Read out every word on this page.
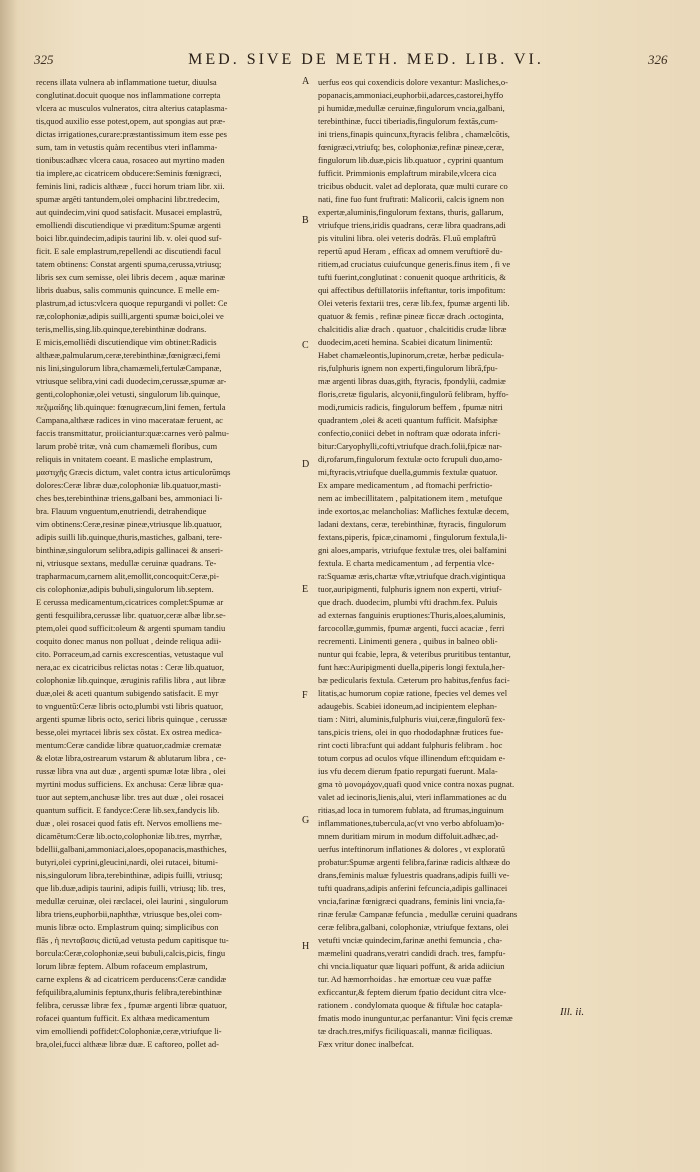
325	MED. SIVE DE METH. MED. LIB. VI.	326
recens illata vulnera ab inflammatione tuetur, diuulsa
conglutinat.docuit quoque nos inflammatione correpta
vlcera ac musculos vulneratos, citra alterius cataplasma-
tis,quod auxilio esse potest,opem, aut spongias aut præ-
dictas irrigationes,curare:præstantissimum item esse pes
sum, tam in vetustis quàm recentibus vteri inflamma-
tionibus:adhæc vlcera caua, rosaceo aut myrtino maden
tia implere,ac cicatricem obducere:Seminis fœnigræci,
feminis lini, radicis althææ , fucci horum triam libr. xii.
spumæ argēti tantundem,olei omphacini libr.tredecim,
aut quindecim,vini quod satisfacit. Musacei emplastrū,
emolliendi discutiendique vi præditum:Spumæ argenti
boici libr.quindecim,adipis taurini lib. v. olei quod suf-
ficit. E sale emplastrum,repellendi ac discutiendi facul
tatem obtinens: Constat argenti spuma,cerussa,vtriusq;
libris sex cum semisse, olei libris decem , aquæ marinæ
libris duabus, salis communis quincunce. E melle em-
plastrum,ad ictus:vlcera quoque repurgandi vi pollet: Ce
ræ,colophoniæ,adipis suilli,argenti spumæ boici,olei ve
teris,mellis,sing.lib.quinque,terebinthinæ dodrans.
E micis,emolliēdi discutiendique vim obtinet:Radicis
althææ,palmularum,ceræ,terebinthinæ,fœnigræci,femi
nis lini,singulorum libra,chamæmeli,fertulæCampanæ,
vtriusque selibra,vini cadi duodecim,cerussæ,spumæ ar-
genti,colophoniæ,olei vetusti, singulorum lib.quinque,
πεζιμαίδης lib.quinque: fœnugræcum,lini femen, fertula
Campana,althææ radices in vino macerataæ feruent, ac
faccis transmittatur, proiiciantur:quæ:carnes verò palmu-
larum probè tritæ, vnà cum chamæmeli floribus, cum
reliquis in vnitatem coeant. E masliche emplastrum,
μαστιχῆς Græcis dictum, valet contra ictus articulorūmqs
dolores:Ceræ libræ duæ,colophoniæ lib.quatuor,masti-
ches bes,terebinthinæ triens,galbani bes, ammoniaci li-
bra. Flauum vnguentum,enutriendi, detrahendique
vim obtinens:Ceræ,resinæ pineæ,vtriusque lib.quatuor,
adipis suilli lib.quinque,thuris,mastiches, galbani, tere-
binthinæ,singulorum selibra,adipis gallinacei & anseri-
ni, vtriusque sextans, medullæ ceruinæ quadrans. Te-
trapharmacum,carnem alit,emollit,concoquit:Ceræ,pi-
cis colophoniæ,adipis bubuli,singulorum lib.septem.
E cerussa medicamentum,cicatrices complet:Spumæ ar
genti fesquilibra,cerussæ libr. quatuor,ceræ albæ libr.se-
ptem,olei quod sufficit:oleum & argenti spumam tandiu
coquito donec manus non polluat , deinde reliqua adii-
cito. Porraceum,ad carnis excrescentias, vetustaque vul
nera,ac ex cicatricibus relictas notas : Ceræ lib.quatuor,
colophoniæ lib.quinque, æruginis rafilis libra , aut libræ
duæ,olei & aceti quantum subigendo satisfacit. E myr
to vnguentū:Ceræ libris octo,plumbi vsti libris quatuor,
argenti spumæ libris octo, serici libris quinque , cerussæ
besse,olei myrtacei libris sex cōstat. Ex ostrea medica-
mentum:Ceræ candidæ libræ quatuor,cadmiæ crematæ
& elotæ libra,ostrearum vstarum & ablutarum libra , ce-
russæ libra vna aut duæ , argenti spumæ lotæ libra , olei
myrtini modus sufficiens. Ex anchusa: Ceræ libræ qua-
tuor aut septem,anchusæ libr. tres aut duæ , olei rosacei
quantum sufficit. E fandyce:Ceræ lib.sex,fandycis lib.
duæ , olei rosacei quod fatis eft. Nervos emolliens me-
dicamētum:Ceræ lib.octo,colophoniæ lib.tres, myrrhæ,
bdellii,galbani,ammoniaci,aloes,opopanacis,masthiches,
butyri,olei cyprini,gleucini,nardi, olei rutacei, bitumi-
nis,singulorum libra,terebinthinæ, adipis fuilli, vtriusq;
que lib.duæ,adipis taurini, adipis fuilli, vtriusq; lib. tres,
medullæ ceruinæ, olei ræclacei, olei laurini , singulorum
libra triens,euphorbii,naphthæ, vtriusque bes,olei com-
munis libræ octo. Emplastrum quinq; simplicibus con
flās , ἡ πενταβασις dictū,ad vetusta pedum capitisque tu-
borcula:Ceræ,colophoniæ,seui bubuli,calcis,picis, fingu
lorum libræ feptem. Album rofaceum emplastrum,
carne explens & ad cicatricem perducens:Ceræ candidæ
fefquilibra,aluminis feptunx,thuris felibra,terebinthinæ
felibra, cerussæ libræ fex , fpumæ argenti libræ quatuor,
rofacei quantum fufficit. Ex althæa medicamentum
vim emolliendi poffidet:Colophoniæ,ceræ,vtriufque li-
bra,olei,fucci althææ libræ duæ. E caftoreo, pollet ad-
A
B
C
D
E
F
G
H
uerfus eos qui coxendicis dolore vexantur: Masliches,o-
popanacis,ammoniaci,euphorbii,adarces,castorei,hyffo
pi humidæ,medullæ ceruinæ,fingulorum vncia,galbani,
terebinthinæ, fucci tiberiadis,fingulorum fextās,cum-
ini triens,finapis quincunx,ftyracis felibra , chamælcōtis,
fœnigræci,vtriufq; bes, colophoniæ,refinæ pineæ,ceræ,
fingulorum lib.duæ,picis lib.quatuor , cyprini quantum
fufficit. Primmionis emplaftrum mirabile,vlcera cica
tricibus obducit. valet ad deplorata, quæ multi curare co
nati, fine fuo funt fruftrati: Malicorii, calcis ignem non
expertæ,aluminis,fingulorum fextans, thuris, gallarum,
vtriufque triens,iridis quadrans, ceræ libra quadrans,adi
pis vitulini libra. olei veteris dodrās. Fl.uū emplaftrū
repertū apud Heram , efficax ad omnem veruftiorē du-
ritiem,ad cruciatus cuiufcunque generis.finus item , fi ve
tufti fuerint,conglutinat : conuenit quoque arthriticis, &
qui affectibus deftillatoriis infeftantur, toris impofitum:
Olei veteris fextarii tres, ceræ lib.fex, fpumæ argenti lib.
quatuor & femis , refinæ pineæ ficcæ drach .octoginta,
chalcitidis aliæ drach . quatuor , chalcitidis crudæ libræ
duodecim,aceti hemina. Scabiei dicatum linimentū:
Habet chamæleontis,lupinorum,cretæ, herbæ pedicula-
ris,fulphuris ignem non experti,fingulorum librā,fpu-
mæ argenti libras duas,gith, ftyracis, fpondylii, cadmiæ
floris,cretæ figularis, alcyonii,fingulorū felibram, hyffo-
modi,rumicis radicis, fingulorum beffem , fpumæ nitri
quadrantem ,olei & aceti quantum fufficit. Mafsiphæ
confectio,coniici debet in noftram quæ odorata infcri-
bitur:Caryophylli,cofti,vtriufque drach.folii,fpicæ nar-
di,rofarum,fingulorum fextulæ octo fcrupuli duo,amo-
mi,ftyracis,vtriufque duella,gummis fextulæ quatuor.
Ex ampare medicamentum , ad ftomachi perfrictio-
nem ac imbecillitatem , palpitationem item , metufque
inde exortos,ac melancholias: Mafliches fextulæ decem,
ladani dextans, ceræ, terebinthinæ, ftyracis, fingulorum
fextans,piperis, fpicæ,cinamomi , fingulorum fextula,li-
gni aloes,amparis, vtriufque fextulæ tres, olei balfamini
fextula. E charta medicamentum , ad ferpentia vlce-
ra:Squamæ æris,chartæ vftæ,vtriufque drach.vigintiqua
tuor,auripigmenti, fulphuris ignem non experti, vtriuf-
que drach. duodecim, plumbi vfti drachm.fex. Puluis
ad externas fanguinis eruptiones:Thuris,aloes,aluminis,
farcocollæ,gummis, fpumæ argenti, fucci acaciæ , ferri
recrementi. Linimenti genera , quibus in balneo obli-
nuntur qui fcabie, lepra, & veteribus pruritibus tentantur,
funt hæc:Auripigmenti duella,piperis longi fextula,her-
bæ pedicularis fextula. Cæterum pro habitus,fenfus faci-
litatis,ac humorum copiæ ratione, fpecies vel demes vel
adaugebis. Scabiei idoneum,ad incipientem elephan-
tiam : Nitri, aluminis,fulphuris viui,ceræ,fingulorū fex-
tans,picis triens, olei in quo rhododaphnæ frutices fue-
rint cocti libra:funt qui addant fulphuris felibram . hoc
totum corpus ad oculos vfque illinendum eft:quidam e-
ius vfu decem dierum fpatio repurgati fuerunt. Mala-
gma τὸ μονομάχον,quafi quod vnice contra noxas pugnat.
valet ad iecinoris,lienis,alui, vteri inflammationes ac du
ritias,ad loca in tumorem fublata, ad ftrumas,inguinum
inflammationes,tubercula,ac(vt vno verbo abfoluam)o-
mnem duritiam mirum in modum diffoluit.adhæc,ad-
uerfus inteftinorum inflationes & dolores , vt exploratū
probatur:Spumæ argenti felibra,farinæ radicis althææ do
drans,feminis maluæ fyluestris quadrans,adipis fuilli ve-
tufti quadrans,adipis anferini fefcuncia,adipis gallinacei
vncia,farinæ fœnigræci quadrans, feminis lini vncia,fa-
rinæ ferulæ Campanæ fefuncia , medullæ ceruini quadrans
ceræ felibra,galbani, colophoniæ, vtriufque fextans, olei
vetufti vnciæ quindecim,farinæ anethi femuncia , cha-
mæmelini quadrans,veratri candidi drach. tres, fampfu-
chi vncia.liquatur quæ liquari poffunt, & arida adiiciun
tur. Ad hæmorrhoidas . hæ emortuæ ceu vuæ paffæ
exficcantur,& feptem dierum fpatio decidunt citra vlce-
rationem . condylomata quoque & fiftulæ hoc catapla-
fmatis modo inunguntur,ac perfanantur: Vini fęcis cremæ
tæ drach.tres,mifys ficiliquas:ali, mannæ ficiliquas.
Fæx vritur donec inalbefcat.
Ill. ii.
